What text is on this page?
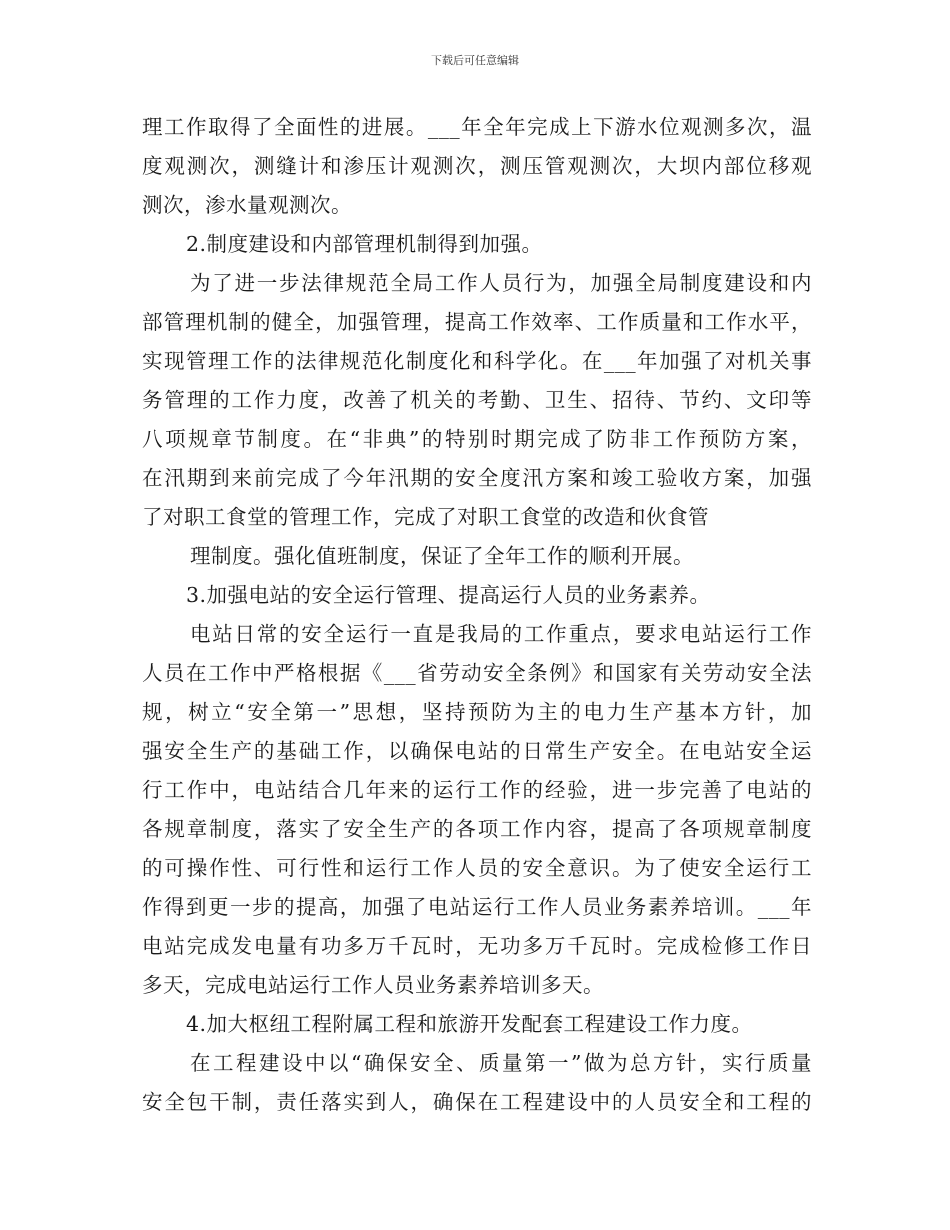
下载后可任意编辑
理工作取得了全面性的进展。___年全年完成上下游水位观测多次，温
度观测次，测缝计和渗压计观测次，测压管观测次，大坝内部位移观
测次，渗水量观测次。
2.制度建设和内部管理机制得到加强。
为了进一步法律规范全局工作人员行为，加强全局制度建设和内
部管理机制的健全，加强管理，提高工作效率、工作质量和工作水平，
实现管理工作的法律规范化制度化和科学化。在___年加强了对机关事
务管理的工作力度，改善了机关的考勤、卫生、招待、节约、文印等
八项规章节制度。在“非典”的特别时期完成了防非工作预防方案，
在汛期到来前完成了今年汛期的安全度汛方案和竣工验收方案，加强
了对职工食堂的管理工作，完成了对职工食堂的改造和伙食管
理制度。强化值班制度，保证了全年工作的顺利开展。
3.加强电站的安全运行管理、提高运行人员的业务素养。
电站日常的安全运行一直是我局的工作重点，要求电站运行工作
人员在工作中严格根据《___省劳动安全条例》和国家有关劳动安全法
规，树立“安全第一”思想，坚持预防为主的电力生产基本方针，加
强安全生产的基础工作，以确保电站的日常生产安全。在电站安全运
行工作中，电站结合几年来的运行工作的经验，进一步完善了电站的
各规章制度，落实了安全生产的各项工作内容，提高了各项规章制度
的可操作性、可行性和运行工作人员的安全意识。为了使安全运行工
作得到更一步的提高，加强了电站运行工作人员业务素养培训。___年
电站完成发电量有功多万千瓦时，无功多万千瓦时。完成检修工作日
多天，完成电站运行工作人员业务素养培训多天。
4.加大枢纽工程附属工程和旅游开发配套工程建设工作力度。
在工程建设中以“确保安全、质量第一”做为总方针，实行质量
安全包干制，责任落实到人，确保在工程建设中的人员安全和工程的
